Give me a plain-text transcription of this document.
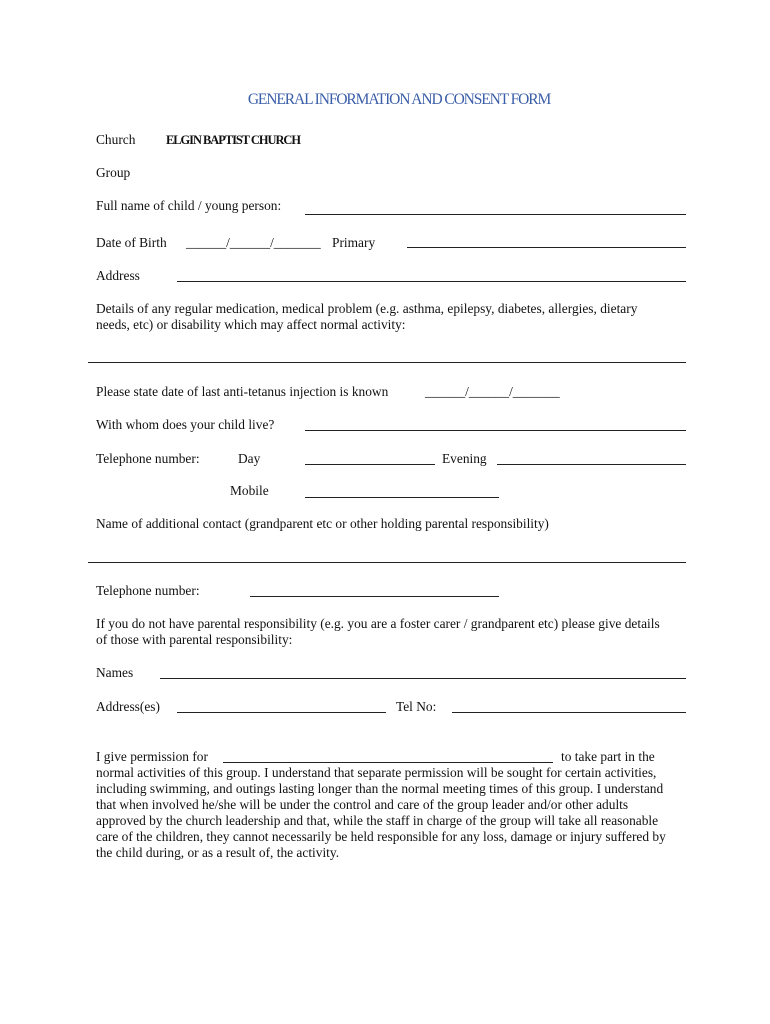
GENERAL INFORMATION AND CONSENT FORM
Church ELGIN BAPTIST CHURCH
Group
Full name of child / young person:
Date of Birth ______/______/_______ Primary
Address
Details of any regular medication, medical problem (e.g. asthma, epilepsy, diabetes, allergies, dietary needs, etc) or disability which may affect normal activity:
Please state date of last anti-tetanus injection is known	______/______/_______
With whom does your child live?
Telephone number:	Day	Evening
Mobile
Name of additional contact (grandparent etc or other holding parental responsibility)
Telephone number:
If you do not have parental responsibility (e.g. you are a foster carer / grandparent etc) please give details of those with parental responsibility:
Names
Address(es)	Tel No:
I give permission for	to take part in the
normal activities of this group. I understand that separate permission will be sought for certain activities, including swimming, and outings lasting longer than the normal meeting times of this group. I understand that when involved he/she will be under the control and care of the group leader and/or other adults approved by the church leadership and that, while the staff in charge of the group will take all reasonable care of the children, they cannot necessarily be held responsible for any loss, damage or injury suffered by the child during, or as a result of, the activity.
